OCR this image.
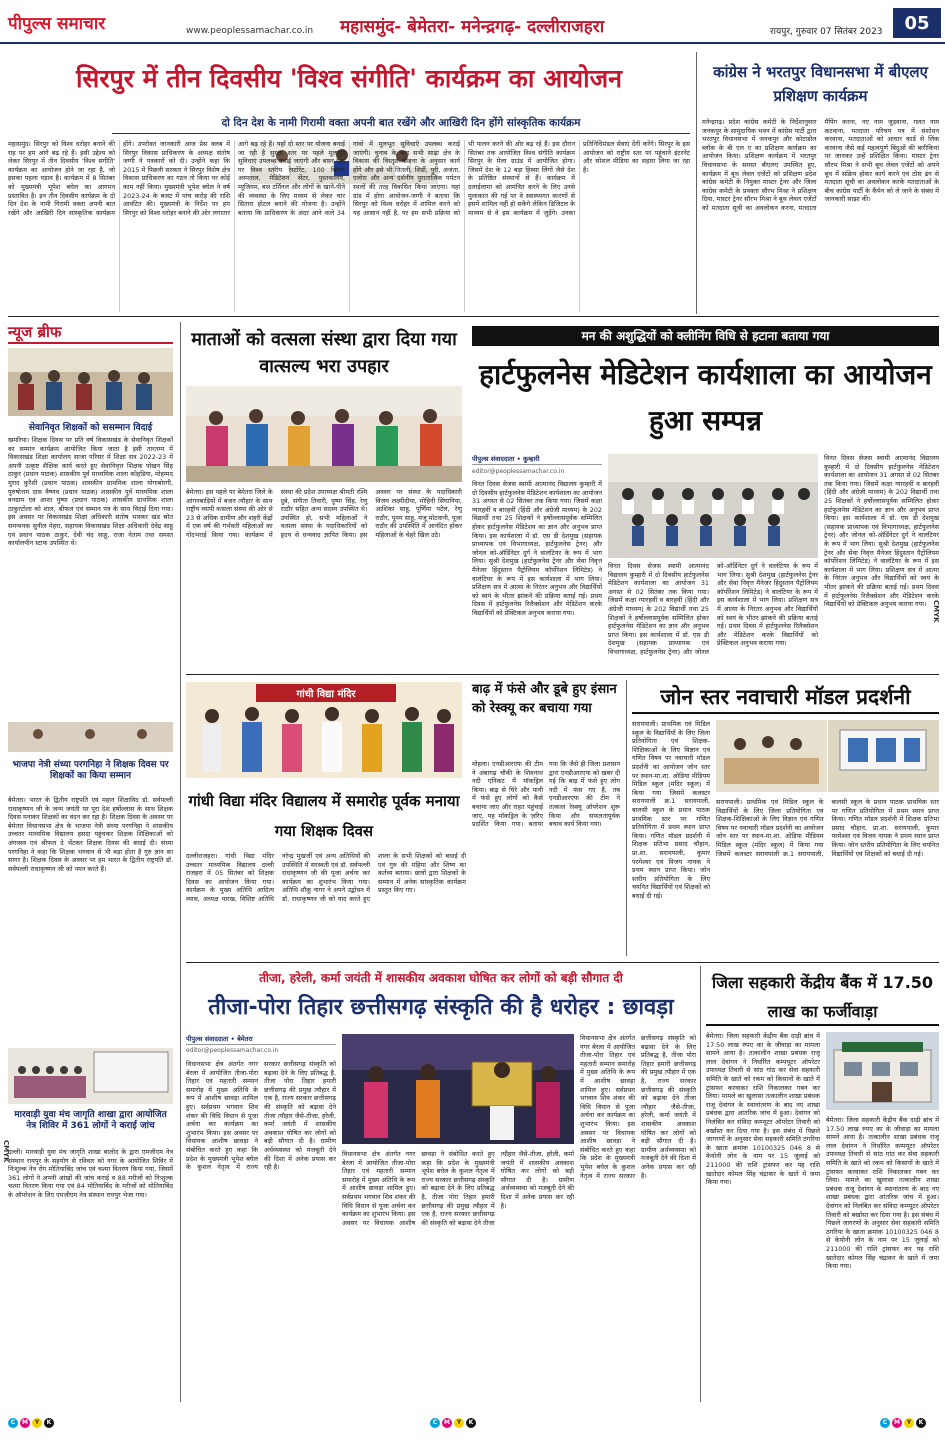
पीपुल्स समाचार	www.peoplessamachar.co.in महासमुंद- बेमेतरा- मनेन्द्रगढ़- दल्लीराजहरा	रायपुर, गुरुवार 07 सितंबर 2023	05
सिरपुर में तीन दिवसीय 'विश्व संगीति' कार्यक्रम का आयोजन
दो दिन देश के नामी गिरामी वक्ता अपनी बात रखेंगे और आखिरी दिन होंगे सांस्कृतिक कार्यक्रम
महासमुंद। सिरपुर को विश्व धरोहर बनाने की राह पर हम आगे बढ़ रहे हैं। इसी उद्देश्य को लेकर सिरपुर में तीन दिवसीय 'विश्व संगीति' कार्यक्रम का आयोजन होने जा रहा है, जो इसका पहला पड़ाव है। कार्यक्रम में 8 सितंबर को मुख्यमंत्री भूपेश बघेल का आगमन प्रस्तावित है। इन तीन दिवसीय कार्यक्रम के दो दिन देश के नामी गिरामी वक्ता अपनी बात रखेंगे और आखिरी दिन सांस्कृतिक कार्यक्रम होंगे। उपरोक्त जानकारी आज प्रेस क्लब में सिरपुर विकास प्राधिकरण के अध्यक्ष संतोष जग्गी ने पत्रकारों को दी। उन्होंने कहा कि 2015 में पिछली सरकार ने सिरपुर विशेष क्षेत्र विकास प्राधिकरण का गठन तो किया पर कोई काम नहीं किया। मुख्यमंत्री भूपेश बघेल ने वर्ष 2023-24 के बजट में पांच करोड़ की राशि आवंटित की। मुख्यमंत्री के निर्देश पर हम सिरपुर को विश्व धरोहर बनाने की ओर लगातार आगे बढ़ रहे हैं। यहाँ दो स्तर पर योजना बनाई जा रही है सुरक्षा स्तर पर पहले मूलभूत सुविधाएं उपलब्ध कराई जाएंगी और बफ़र स्तर पर विश्व स्तरीय रेस्टोरेंट, 100 बिस्तर अस्पताल, मेडिटेशन सेंटर, पुस्तकालय, म्यूजियम, बस टर्मिनल और लोगों के खाने-पीने की व्यवस्था के लिए मध्यम से लेकर चार सितारा होटल बनाने की योजना है। उन्होंने बताया कि प्राधिकरण के अंदर आने वाले 34 गांवों में मूलभूत सुविधाएँ उपलब्ध कराई जाएंगी। चुनाव के बाद सभी साढ़ा क्षेत्र के विकास की विस्तृत योजना के अनुसार कार्य होंगे और इसे भी तितली, शिर्डी, पुरी, अजंता, एलोरा और अन्य दर्शनीय पुरातात्विक पर्यटन स्थलों की तरह विकसित किया जाएगा। यहां ग्रांड में होगा आयोजन-जग्गी ने बताया कि सिरपुर को विश्व धरोहर में शामिल करने को यह आसान नहीं है, पर हम सभी प्रक्रिया को भी पालन करने की ओर बढ़ रहे हैं। इस दौरान सितंबर तक आयोजित विश्व संगीति कार्यक्रम सिरपुर के मेला ग्राउंड में आयोजित होगा। जिसमें देश के 12 बड़ा हिस्सा लिंगों जैसे देश के प्रतिष्ठित संस्थानों से हैं। कार्यक्रम में दलाईलामा को आमंत्रित करने के लिए उनसे मुलाकात की गई पर वे स्वास्थ्यगत कारणों से इसमें शामिल नहीं हो सकेंगे लेकिन डिजिटल के माध्यम से वे इस कार्यक्रम में जुड़ेंगे। उनका प्रतिनिधिमंडल सेवाएं देंगी करेंगे। सिरपुर के इस आयोजन को राष्ट्रीय स्तर पर पहुंचाने इंटरनेट और सोशल मीडिया का सहारा लिया जा रहा है।
कांग्रेस ने भरतपुर विधानसभा में बीएलए प्रशिक्षण कार्यक्रम
मनेन्द्रगढ़। प्रदेश कांग्रेस कमेटी के निर्देशानुसार जनकपुर के सामुदायिक भवन में कांग्रेस पार्टी द्वारा भरतपुर विधानसभा में जनकपुर और कोटाडोल ब्लॉक के बी एल ए का प्रशिक्षण कार्यक्रम का आयोजन किया। प्रशिक्षण कार्यक्रम में भरतपुर विधानसभा के समस्त बीएलए उपस्थित हुए, कार्यक्रम में बूथ लेवल एजेंटों को प्रशिक्षण प्रदेश कांग्रेस कमेटी के नियुक्त मास्टर ट्रेनर और जिला कांग्रेस कमेटी के प्रवक्ता सौरभ मिश्रा ने प्रशिक्षण दिया, मास्टर ट्रेनर सौरभ मिश्रा ने बूथ लेवल एजेंटों को मतदाता सूची का अवलोकन करना, मतदाता मैपिंग करना, नए नाम जुड़वाना, गलत नाम कटवाना, मतदाता परिचय पत्र में संशोधन करवाना, मतदाताओं को आधार कार्ड से लिंक करवाना जैसे कई महत्वपूर्ण बिंदुओं की बारीकियां पर जानकर उन्हें प्रशिक्षित किया। मास्टर ट्रेनर सौरभ मिश्रा ने सभी बूथ लेवल एजेंटों को अपने बूथ में सक्रिय होकर कार्य करने एवं ठोस ढंग से मतदाता सूची का अवलोकन करके मतदाताओं के बीच कांग्रेस पार्टी के कैंपेन को ले जाने के संबंध में जानकारी साझा की।
न्यूज ब्रीफ
सेवानिवृत शिक्षकों को ससम्मान विदाई
खमरिया। शिक्षक दिवस पर प्रति वर्ष विकासखंड के सेवानिवृत शिक्षकों का सम्मान कार्यक्रम आयोजित किया जाता है इसी तारतम्य में विकासखंड शिक्षा कार्यालय साजा परिसर में शिक्षा सत्र 2022-23 में अपनी उत्कृष्ट शैक्षिक कार्य करते हुए सेवानिवृत्त शिक्षक पोखन सिंह ठाकुर (प्रधान पाठक) शासकीय पूर्व माध्यमिक शाला कोहडिया, मोहम्मद मुराद कुरैशी (प्रधान पाठक) शासकीय प्राथमिक शाला योगाबोरगी, पुरुषोत्तम दास वैष्णव (प्रधान पाठक) शासकीय पूर्व माध्यमिक शाला वनग्राम एवं आशा पुष्पा (प्रधान पाठक) शासकीय प्राथमिक शाला ठाकुरटोला को शाल, श्रीफल एवं सम्मान पत्र के साथ विदाई दिया गया। इस अवसर पर विकासखंड शिक्षा अधिकारी संतोष भास्कर खंड स्रोत समन्वयक सुनील मेहरा, सहायक विकासखंड शिक्षा अधिकारी देवेंद्र साहू एवं प्रधान पाठक ठाकुर, देवी चंद साहू, राजा नेताम तथा समस्त कार्यालयीन स्टाफ उपस्थित थे।
भाजपा नेत्री संध्या परगनिहा ने शिक्षक दिवस पर शिक्षकों का किया सम्मान
बेमेतरा। भारत के द्वितीय राष्ट्रपति एवं महान शिक्षाविद डॉ. सर्वपल्ली राधाकृष्णन जी के जन्म जयंती पर पूरा देश हर्षोल्लास के साथ शिक्षक दिवस मनाकर शिक्षकों का वंदन कर रहा है। शिक्षक दिवस के अवसर पर बेमेतरा विधानसभा क्षेत्र के भाजपा नेत्री संध्या परगनिहा ने शासकीय उच्चतर माध्यमिक विद्यालय हसदा पहुंचकर शिक्षक शिक्षिकाओं को अंगवस्त्र एवं श्रीफल दे भेंटकर शिक्षक दिवस की बधाई दी। संध्या परगनिहा ने कहा कि शिक्षक भगवान से भी बड़ा होता है गुरु ज्ञान का सागर है। शिक्षक दिवस के अवसर पर हम भारत के द्वितीय राष्ट्रपति डॉ. सर्वपल्ली राधाकृष्णन जी को नमन करते हैं।
मारवाड़ी युवा मंच जागृति शाखा द्वारा आयोजित नेत्र शिविर में 361 लोगों ने कराई जांच
दल्ली। मारवाड़ी युवा मंच जागृति शाखा बालोद के द्वारा एमजीएम नेत्र संस्थान रायपुर के सहयोग से रविवार को नगर के आयोजित शिविर में निःशुल्क नेत्र रोग मोतियाबिंद जांच एवं चश्मा वितरण किया गया, जिसमें 361 लोगों ने अपनी आंखों की जांच कराई व 88 मरीजों को निःशुल्क चश्मा वितरण किया गया एवं 84 मोतियाबिंद के मरीजों को मोतियाबिंद के ऑपरेशन के लिए एमजीएम नेत्र संस्थान रायपुर भेजा गया।
माताओं को वत्सला संस्था द्वारा दिया गया वात्सल्य भरा उपहार
बेमेतरा। इस पहले पर बेमेतरा जिले के आंगनबाड़ियों में बजन त्यौहार के साथ राष्ट्रीय व्यापी वत्सला संस्था की ओर से 23 से अधिक ग्रामीण और शहरी केंद्रों में एक वर्ष की गर्भवती महिलाओं का गोदभराई किया गया। कार्यक्रम में संस्था की प्रदेश उपाध्यक्ष श्रीमती रश्मि दुबे, संगीता तिवारी, पुष्पा सिंह, रेणु राठौर सहित अन्य सदस्य उपस्थित थे। उपस्थित हो, सभी महिलाओं ने वत्सला संस्था के पदाधिकारियों को हृदय से धन्यवाद ज्ञापित किया। इस अवसर पर संस्था के पदाधिकारी विजय लक्ष्मीदीया, मोहिनी सिंघानिया, आशिका साहू, पूर्णिमा पटेल, रेणु राठौर, पूनम साहू, मंजू मोटवानी, पूजा राठौर की उपस्थिति में आनंदित होकर महिलाओं के चेहरे खिल उठे।
मन की अशुद्धियों को क्लीनिंग विधि से हटाना बताया गया
हार्टफुलनेस मेडिटेशन कार्यशाला का आयोजन हुआ सम्पन्न
पीपुल्स संवाददाता • कुम्हारी
editor@peoplessamachar.co.in
विनत दिवस सेजस स्वामी आत्मानंद विद्यालय कुम्हारी में दो दिवसीय हार्टफुलनेस मेडिटेशन कार्यशाला का आयोजन 31 अगस्त से 02 सितंबर तक किया गया। जिसमें कक्षा ग्यारहवीं व बारहवीं (हिंदी और अंग्रेजी माध्यम) के 202 विद्यार्थी तथा 25 शिक्षकों ने हर्षोल्लासपूर्वक सम्मिलित होकर हार्टफुलनेस मेडिटेशन का ज्ञान और अनुभव प्राप्त किया। इस कार्यशाला में डॉ. एस डी देशमुख (सहायक प्राध्यापक एवं विभागाध्यक्ष, हार्टफुलनेस ट्रेनर) और जोनल को-ऑर्डिनेटर दुर्ग ने वालंटियर के रूप में भाग लिया। सुश्री देशमुख (हार्टफुलनेस ट्रेनर और सेवा निवृत्त मैनेजर हिंदुस्तान पैट्रोलियम कॉर्पोरेशन लिमिटेड) ने वालंटियर के रूप में इस कार्यशाला में भाग लिया। प्रशिक्षण सत्र में आत्मा के निरंतर अनुभव और विद्यार्थियों को स्वयं के भीतर झांकने की प्रक्रिया बताई गई। प्रथम दिवस में हार्टफुलनेस रिलैक्सेशन और मेडिटेशन करके विद्यार्थियों को प्रेक्टिकल अनुभव कराया गया।
विनत दिवस सेजस स्वामी आत्मानंद विद्यालय कुम्हारी में दो दिवसीय हार्टफुलनेस मेडिटेशन कार्यशाला का आयोजन 31 अगस्त से 02 सितंबर तक किया गया। जिसमें कक्षा ग्यारहवीं व बारहवीं (हिंदी और अंग्रेजी माध्यम) के 202 विद्यार्थी तथा 25 शिक्षकों ने हर्षोल्लासपूर्वक सम्मिलित होकर हार्टफुलनेस मेडिटेशन का ज्ञान और अनुभव प्राप्त किया। इस कार्यशाला में डॉ. एस डी देशमुख (सहायक प्राध्यापक एवं विभागाध्यक्ष, हार्टफुलनेस ट्रेनर) और जोनल को-ऑर्डिनेटर दुर्ग ने वालंटियर के रूप में भाग लिया। सुश्री देशमुख (हार्टफुलनेस ट्रेनर और सेवा निवृत्त मैनेजर हिंदुस्तान पैट्रोलियम कॉर्पोरेशन लिमिटेड) ने वालंटियर के रूप में इस कार्यशाला में भाग लिया। प्रशिक्षण सत्र में आत्मा के निरंतर अनुभव और विद्यार्थियों को स्वयं के भीतर झांकने की प्रक्रिया बताई गई। प्रथम दिवस में हार्टफुलनेस रिलैक्सेशन और मेडिटेशन करके विद्यार्थियों को प्रेक्टिकल अनुभव कराया गया।
विनत दिवस सेजस स्वामी आत्मानंद विद्यालय कुम्हारी में दो दिवसीय हार्टफुलनेस मेडिटेशन कार्यशाला का आयोजन 31 अगस्त से 02 सितंबर तक किया गया। जिसमें कक्षा ग्यारहवीं व बारहवीं (हिंदी और अंग्रेजी माध्यम) के 202 विद्यार्थी तथा 25 शिक्षकों ने हर्षोल्लासपूर्वक सम्मिलित होकर हार्टफुलनेस मेडिटेशन का ज्ञान और अनुभव प्राप्त किया। इस कार्यशाला में डॉ. एस डी देशमुख (सहायक प्राध्यापक एवं विभागाध्यक्ष, हार्टफुलनेस ट्रेनर) और जोनल को-ऑर्डिनेटर दुर्ग ने वालंटियर के रूप में भाग लिया। सुश्री देशमुख (हार्टफुलनेस ट्रेनर और सेवा निवृत्त मैनेजर हिंदुस्तान पैट्रोलियम कॉर्पोरेशन लिमिटेड) ने वालंटियर के रूप में इस कार्यशाला में भाग लिया। प्रशिक्षण सत्र में आत्मा के निरंतर अनुभव और विद्यार्थियों को स्वयं के भीतर झांकने की प्रक्रिया बताई गई। प्रथम दिवस में हार्टफुलनेस रिलैक्सेशन और मेडिटेशन करके विद्यार्थियों को प्रेक्टिकल अनुभव कराया गया।
गांधी विद्या मंदिर	बाढ़ में फंसे और डूबे हुए इंसान को रेस्क्यू कर बचाया गया
मोहला। एनडीआरएफ की टीम ने अंबागढ़ चौकी के शिवनाथ नदी एनिकट में मॉकड्रिल किया। बाढ़ से घिरे और पानी में फंसे हुए लोगों को कैसे बचाया जाए और राहत पहुंचाई जाए, यह मॉकड्रिल के ज़रिए प्रदर्शित किया गया। बताया गया कि जैसे ही जिला प्रशासन द्वारा एनडीआरएफ को खबर दी गई कि बाढ़ में फंसे हुए लोग नदी में फंस गए हैं, तब एनडीआरएफ की टीम ने तत्काल रेस्क्यू ऑपरेशन शुरू किया और सफलतापूर्वक बचाव कार्य किया गया।
जोन स्तर नवाचारी मॉडल प्रदर्शनी
सरायपाली। प्राथमिक एवं मिडिल स्कूल के विद्यार्थियों के लिए जिला प्रतियोगिता एवं शिक्षक-शिक्षिकाओं के लिए विज्ञान एवं गणित विषय पर नवाचारी मॉडल प्रदर्शनी का आयोजन जोन स्तर पर स्थान-मा.शा. ओडिया मीडियम मिडिल स्कूल (मंदिर स्कूल) में किया गया जिसमें कलस्टर सरायपाली क्र.1 सरायपाली, बालसी स्कूल के प्रधान पाठक प्राथमिक स्तर पर गणित प्रतियोगिता में प्रथम स्थान प्राप्त किया। गणित मॉडल प्रदर्शनी में शिक्षक प्रतिभा प्रसाद चौहान, प्रा.शा. सरायपाली, कुमार परमेश्वर एवं विजय नायक ने प्रथम स्थान प्राप्त किया। जोन स्तरीय प्रतियोगिता के लिए चयनित विद्यार्थियों एवं शिक्षकों को बधाई दी गई।
सरायपाली। प्राथमिक एवं मिडिल स्कूल के विद्यार्थियों के लिए जिला प्रतियोगिता एवं शिक्षक-शिक्षिकाओं के लिए विज्ञान एवं गणित विषय पर नवाचारी मॉडल प्रदर्शनी का आयोजन जोन स्तर पर स्थान-मा.शा. ओडिया मीडियम मिडिल स्कूल (मंदिर स्कूल) में किया गया जिसमें कलस्टर सरायपाली क्र.1 सरायपाली, बालसी स्कूल के प्रधान पाठक प्राथमिक स्तर पर गणित प्रतियोगिता में प्रथम स्थान प्राप्त किया। गणित मॉडल प्रदर्शनी में शिक्षक प्रतिभा प्रसाद चौहान, प्रा.शा. सरायपाली, कुमार परमेश्वर एवं विजय नायक ने प्रथम स्थान प्राप्त किया। जोन स्तरीय प्रतियोगिता के लिए चयनित विद्यार्थियों एवं शिक्षकों को बधाई दी गई।
गांधी विद्या मंदिर विद्यालय में समारोह पूर्वक मनाया गया शिक्षक दिवस
दल्लीराजहरा। गांधी विद्या मंदिर उच्चतर माध्यमिक विद्यालय दल्ली राजहरा में 05 सितंबर को शिक्षक दिवस का आयोजन किया गया। कार्यक्रम के मुख्य अतिथि आदित्य व्यास, अध्यक्ष पारख, विशिष्ट अतिथि नरेन्द्र मुखर्जी एवं अन्य अतिथियों की उपस्थिति में सरस्वती एवं डॉ. सर्वपल्ली राधाकृष्णन जी की पूजा अर्चना कर कार्यक्रम का शुभारंभ किया गया। अतिथि शौकू नागर ने अपने उद्बोधन में डॉ. राधाकृष्णन जी को याद करते हुए शाला के सभी शिक्षकों को बधाई दी एवं गुरु की महिमा और शिष्य का कर्तव्य बताया। छात्रों द्वारा शिक्षकों के सम्मान में अनेक सांस्कृतिक कार्यक्रम प्रस्तुत किए गए।
तीजा, हरेली, कर्मा जयंती में शासकीय अवकाश घोषित कर लोगों को बड़ी सौगात दी
तीजा-पोरा तिहार छत्तीसगढ़ संस्कृति की है धरोहर : छावड़ा
पीपुल्स संवाददाता • बेमेतरा
editor@peoplessamachar.co.in
विधानसभा क्षेत्र अंतर्गत नगर बेरला में आयोजित तीजा-पोरा तिहार एवं महतारी सम्मान समारोह में मुख्य अतिथि के रूप में आशीष छावड़ा शामिल हुए। सर्वप्रथम भगवान शिव शंकर की विधि विधान से पूजा अर्चना कर कार्यक्रम का शुभारंभ किया। इस अवसर पर विधायक आशीष छावड़ा ने संबोधित करते हुए कहा कि प्रदेश के मुख्यमंत्री भूपेश बघेल के कुशल नेतृत्व में राज्य सरकार छत्तीसगढ़ संस्कृति को बढ़ावा देने के लिए प्रतिबद्ध है, तीजा पोरा तिहार हमारी छत्तीसगढ़ की प्रमुख त्यौहार में एक है, राज्य सरकार छत्तीसगढ़ की संस्कृति को बढ़ावा देने तीजा त्यौहार जैसे-तीजा, हरेली, कर्मा जयंती में शासकीय अवकाश घोषित कर लोगों को बड़ी सौगात दी है। ग्रामीण अर्थव्यवस्था को मजबूती देने की दिशा में अनेक प्रयास कर रही है।
विधानसभा क्षेत्र अंतर्गत नगर बेरला में आयोजित तीजा-पोरा तिहार एवं महतारी सम्मान समारोह में मुख्य अतिथि के रूप में आशीष छावड़ा शामिल हुए। सर्वप्रथम भगवान शिव शंकर की विधि विधान से पूजा अर्चना कर कार्यक्रम का शुभारंभ किया। इस अवसर पर विधायक आशीष छावड़ा ने संबोधित करते हुए कहा कि प्रदेश के मुख्यमंत्री भूपेश बघेल के कुशल नेतृत्व में राज्य सरकार छत्तीसगढ़ संस्कृति को बढ़ावा देने के लिए प्रतिबद्ध है, तीजा पोरा तिहार हमारी छत्तीसगढ़ की प्रमुख त्यौहार में एक है, राज्य सरकार छत्तीसगढ़ की संस्कृति को बढ़ावा देने तीजा त्यौहार जैसे-तीजा, हरेली, कर्मा जयंती में शासकीय अवकाश घोषित कर लोगों को बड़ी सौगात दी है। ग्रामीण अर्थव्यवस्था को मजबूती देने की दिशा में अनेक प्रयास कर रही है।
विधानसभा क्षेत्र अंतर्गत नगर बेरला में आयोजित तीजा-पोरा तिहार एवं महतारी सम्मान समारोह में मुख्य अतिथि के रूप में आशीष छावड़ा शामिल हुए। सर्वप्रथम भगवान शिव शंकर की विधि विधान से पूजा अर्चना कर कार्यक्रम का शुभारंभ किया। इस अवसर पर विधायक आशीष छावड़ा ने संबोधित करते हुए कहा कि प्रदेश के मुख्यमंत्री भूपेश बघेल के कुशल नेतृत्व में राज्य सरकार छत्तीसगढ़ संस्कृति को बढ़ावा देने के लिए प्रतिबद्ध है, तीजा पोरा तिहार हमारी छत्तीसगढ़ की प्रमुख त्यौहार में एक है, राज्य सरकार छत्तीसगढ़ की संस्कृति को बढ़ावा देने तीजा त्यौहार जैसे-तीजा, हरेली, कर्मा जयंती में शासकीय अवकाश घोषित कर लोगों को बड़ी सौगात दी है। ग्रामीण अर्थव्यवस्था को मजबूती देने की दिशा में अनेक प्रयास कर रही है।
जिला सहकारी केंद्रीय बैंक में 17.50 लाख का फर्जीवाड़ा
बेमेतरा। जिला सहकारी केंद्रीय बैंक दाढ़ी ब्रांच में 17.50 लाख रुपए का के जीवाड़ा का मामला सामने आया है। तत्कालीन शाखा प्रबंधक राजू लाल देवांगन ने निर्धारित कम्पयूटर ऑपरेटर उपाध्यक्ष तिवारी से सांठ गांठ कर सेवा सहकारी समिति के खाते को रकम को किसानों के खाते में ट्रांसफर करवाकर राशि निकालकर गबन कर लिया। मामले का खुलासा तत्कालीन शाखा प्रबंधक राजू देवांगन के स्थानांतरण के बाद नए शाखा प्रबंधक द्वारा आंतरिक जांच में हुआ। देवांगन को निलंबित कर संविदा कम्प्यूटर ऑपरेटर तिवारी को बर्खास्त कर दिया गया है। इस संबंध में पिछले जागरणों के अनुसार सेवा सहकारी समिति ठगरिया के खाता क्रमांक 10100325 046 8 से केयोनी लोन के नाम पर 15 जुलाई को 211000 की राशि ट्रांसफर कर यह राशि खातेदार कोमल सिंह चंद्राकर के खाते में जमा किया गया।
बेमेतरा। जिला सहकारी केंद्रीय बैंक दाढ़ी ब्रांच में 17.50 लाख रुपए का के जीवाड़ा का मामला सामने आया है। तत्कालीन शाखा प्रबंधक राजू लाल देवांगन ने निर्धारित कम्पयूटर ऑपरेटर उपाध्यक्ष तिवारी से सांठ गांठ कर सेवा सहकारी समिति के खाते को रकम को किसानों के खाते में ट्रांसफर करवाकर राशि निकालकर गबन कर लिया। मामले का खुलासा तत्कालीन शाखा प्रबंधक राजू देवांगन के स्थानांतरण के बाद नए शाखा प्रबंधक द्वारा आंतरिक जांच में हुआ। देवांगन को निलंबित कर संविदा कम्प्यूटर ऑपरेटर तिवारी को बर्खास्त कर दिया गया है। इस संबंध में पिछले जागरणों के अनुसार सेवा सहकारी समिति ठगरिया के खाता क्रमांक 10100325 046 8 से केयोनी लोन के नाम पर 15 जुलाई को 211000 की राशि ट्रांसफर कर यह राशि खातेदार कोमल सिंह चंद्राकर के खाते में जमा किया गया।
C	M	Y	K	C	M	Y	K	C	M	Y	K
CMYK
CMYK
